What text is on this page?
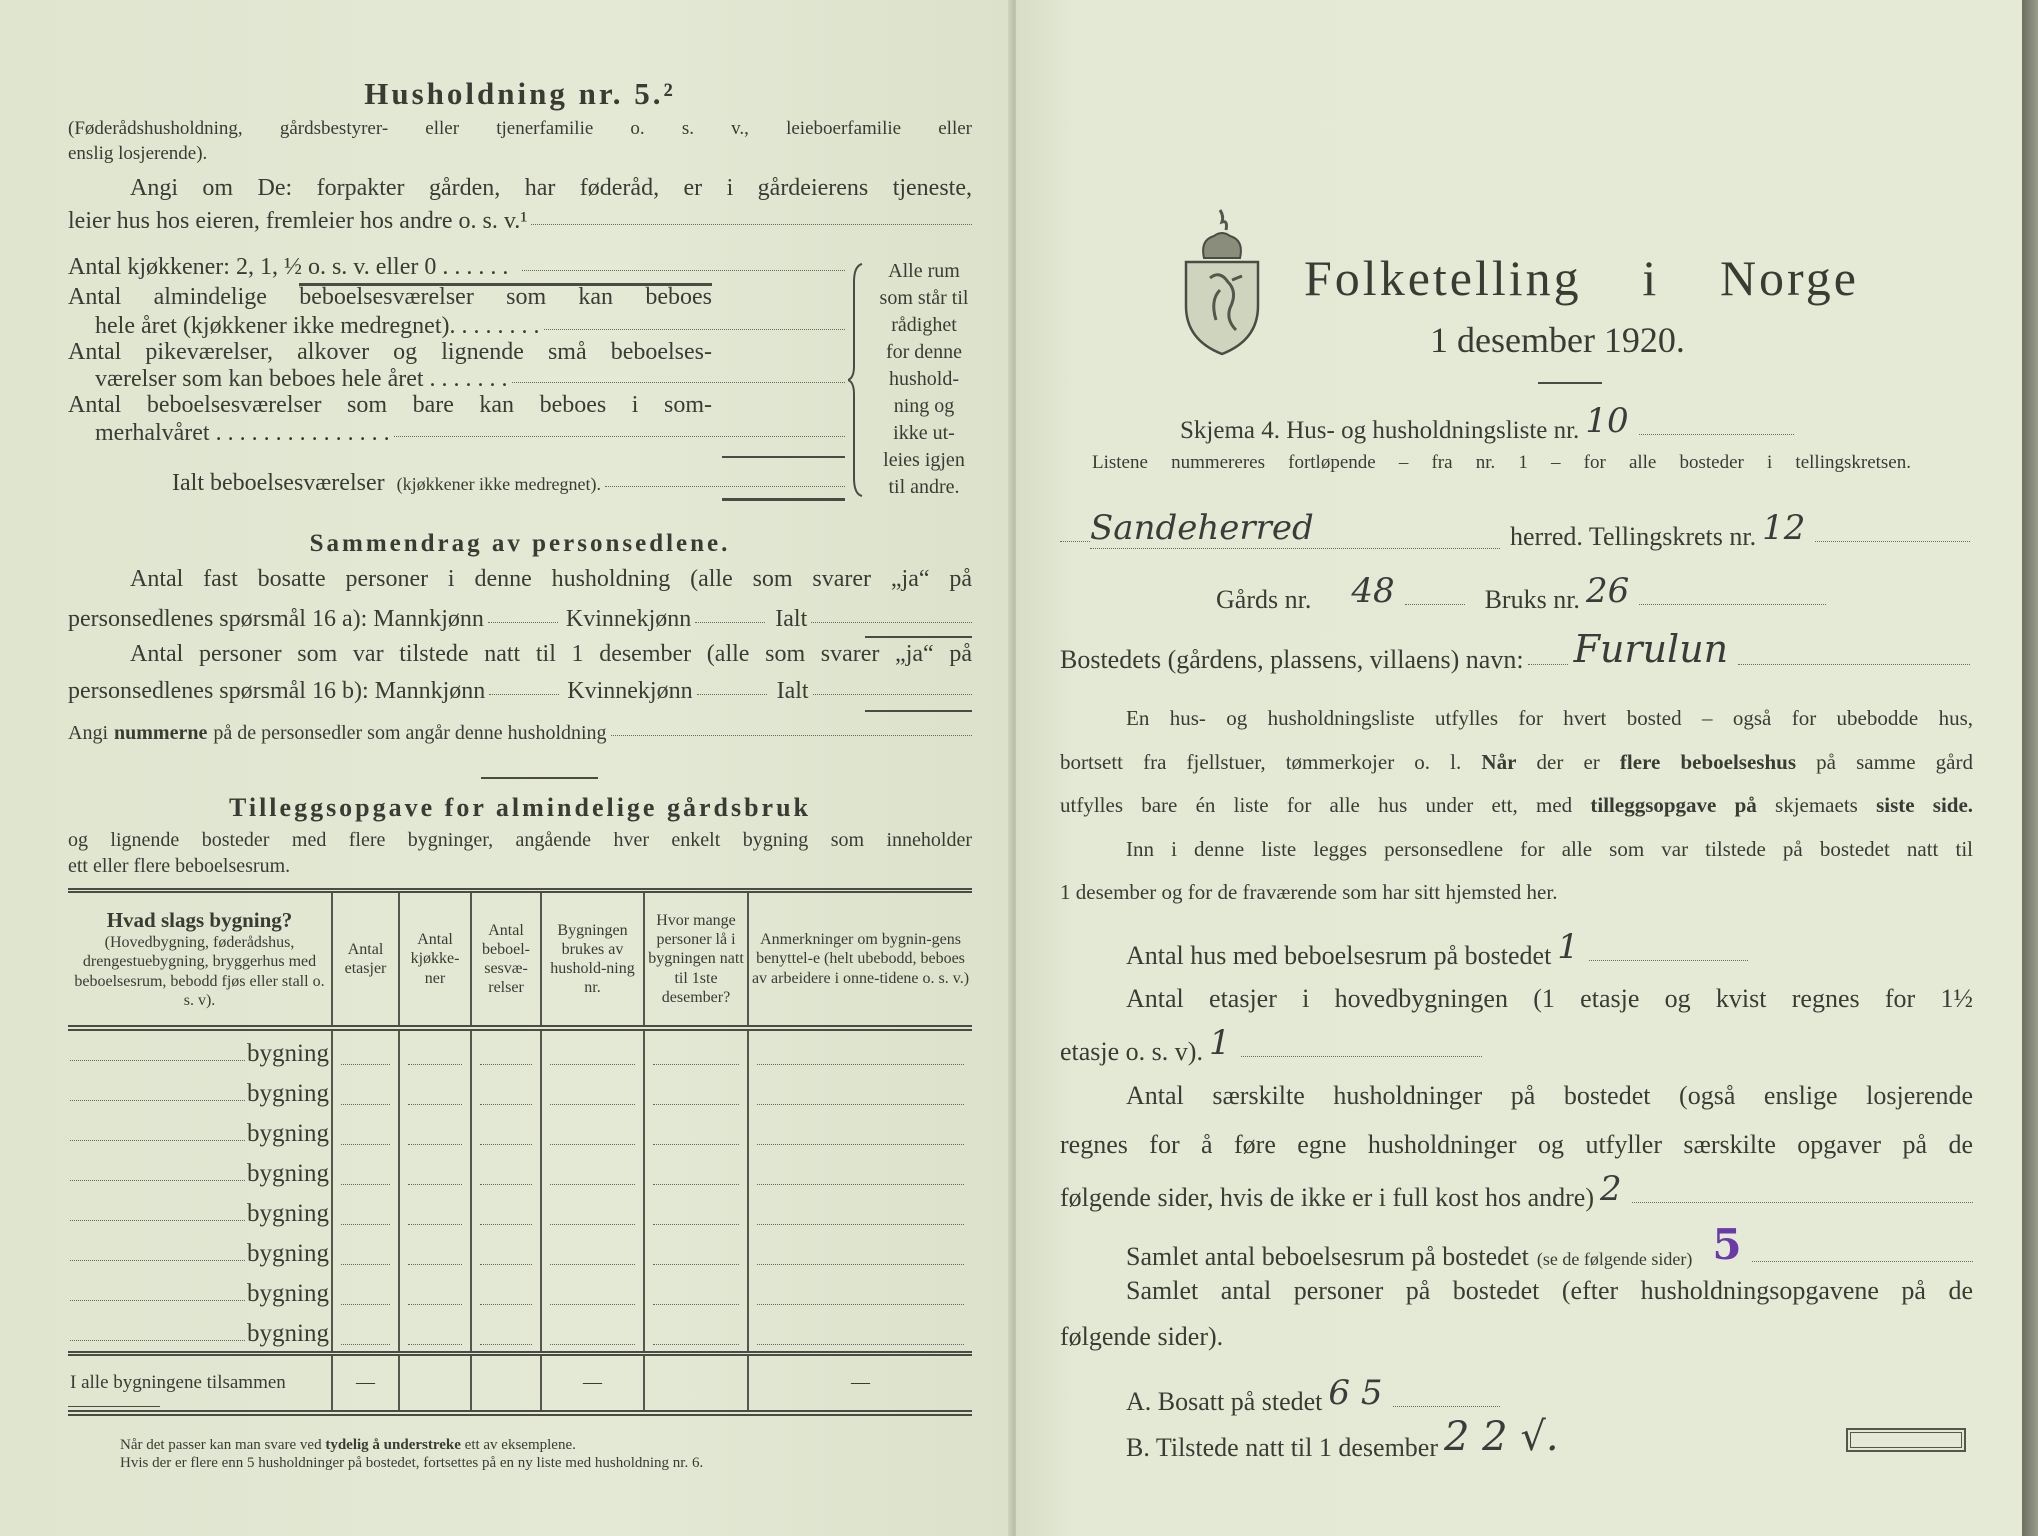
Husholdning nr. 5.²
(Føderådshusholdning, gårdsbestyrer- eller tjenerfamilie o. s. v., leieboerfamilie eller
enslig losjerende).
Angi om De: forpakter gården, har føderåd, er i gårdeierens tjeneste,
leier hus hos eieren, fremleier hos andre o. s. v.¹
Antal kjøkkener: 2, 1, ½ o. s. v. eller 0 . . . . . .
Antal almindelige beboelsesværelser som kan beboes
hele året (kjøkkener ikke medregnet). . . . . . . .
Antal pikeværelser, alkover og lignende små beboelses-
værelser som kan beboes hele året . . . . . . .
Antal beboelsesværelser som bare kan beboes i som-
merhalvåret . . . . . . . . . . . . . . .
Ialt beboelsesværelser (kjøkkener ikke medregnet).
Alle rum
som står til
rådighet
for denne
hushold-
ning og
ikke ut-
leies igjen
til andre.
Sammendrag av personsedlene.
Antal fast bosatte personer i denne husholdning (alle som svarer „ja“ på
personsedlenes spørsmål 16 a): Mannkjønn	Kvinnekjønn	Ialt
Antal personer som var tilstede natt til 1 desember (alle som svarer „ja“ på
personsedlenes spørsmål 16 b): Mannkjønn	Kvinnekjønn	Ialt
Angi nummerne på de personsedler som angår denne husholdning
Tilleggsopgave for almindelige gårdsbruk
og lignende bosteder med flere bygninger, angående hver enkelt bygning som inneholder
ett eller flere beboelsesrum.
Hvad slags bygning?
(Hovedbygning, føderådshus, drengestuebygning, bryggerhus med beboelsesrum, bebodd fjøs eller stall o. s. v).	Antal etasjer	Antal kjøkke-ner	Antal beboel-sesvæ-relser	Bygningen brukes av hushold-ning nr.	Hvor mange personer lå i bygningen natt til 1ste desember?	Anmerkninger om bygnin-gens benyttel-e (helt ubebodd, beboes av arbeidere i onne-tidene o. s. v.)

bygning						

bygning						

bygning						

bygning						

bygning						

bygning						

bygning						

bygning						

I alle bygningene tilsammen	—			—		—
Når det passer kan man svare ved tydelig å understreke ett av eksemplene.
Hvis der er flere enn 5 husholdninger på bostedet, fortsettes på en ny liste med husholdning nr. 6.
Folketelling i Norge
1 desember 1920.
Skjema 4. Hus- og husholdningsliste nr. 10
Listene nummereres fortløpende – fra nr. 1 – for alle bosteder i tellingskretsen.
Sandeherred	herred. Tellingskrets nr. 12
Gårds nr. 48	Bruks nr. 26
Bostedets (gårdens, plassens, villaens) navn: Furulun
En hus- og husholdningsliste utfylles for hvert bosted – også for ubebodde hus,
bortsett fra fjellstuer, tømmerkojer o. l. Når der er flere beboelseshus på samme gård
utfylles bare én liste for alle hus under ett, med tilleggsopgave på skjemaets siste side.
Inn i denne liste legges personsedlene for alle som var tilstede på bostedet natt til
1 desember og for de fraværende som har sitt hjemsted her.
Antal hus med beboelsesrum på bostedet 1
Antal etasjer i hovedbygningen (1 etasje og kvist regnes for 1½
etasje o. s. v). 1
Antal særskilte husholdninger på bostedet (også enslige losjerende
regnes for å føre egne husholdninger og utfyller særskilte opgaver på de
følgende sider, hvis de ikke er i full kost hos andre) 2
Samlet antal beboelsesrum på bostedet (se de følgende sider) 5
Samlet antal personer på bostedet (efter husholdningsopgavene på de
følgende sider).
A. Bosatt på stedet 6 5
B. Tilstede natt til 1 desember 2 2 √.
